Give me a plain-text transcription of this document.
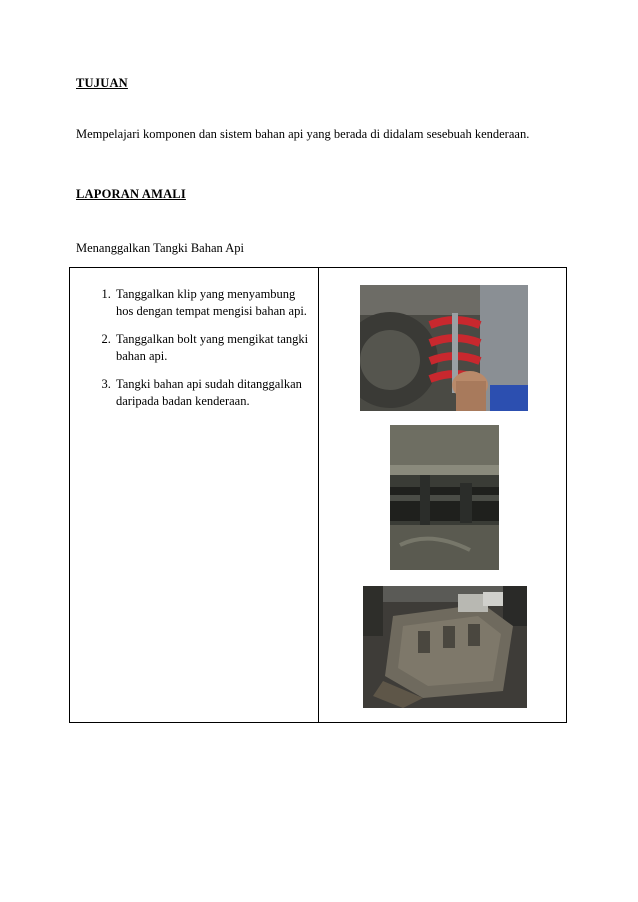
TUJUAN
Mempelajari komponen dan sistem bahan api yang berada di didalam sesebuah kenderaan.
LAPORAN AMALI
Menanggalkan Tangki Bahan Api
1. Tanggalkan klip yang menyambung hos dengan tempat mengisi bahan api.
2. Tanggalkan bolt yang mengikat tangki bahan api.
3. Tangki bahan api sudah ditanggalkan daripada badan kenderaan.
